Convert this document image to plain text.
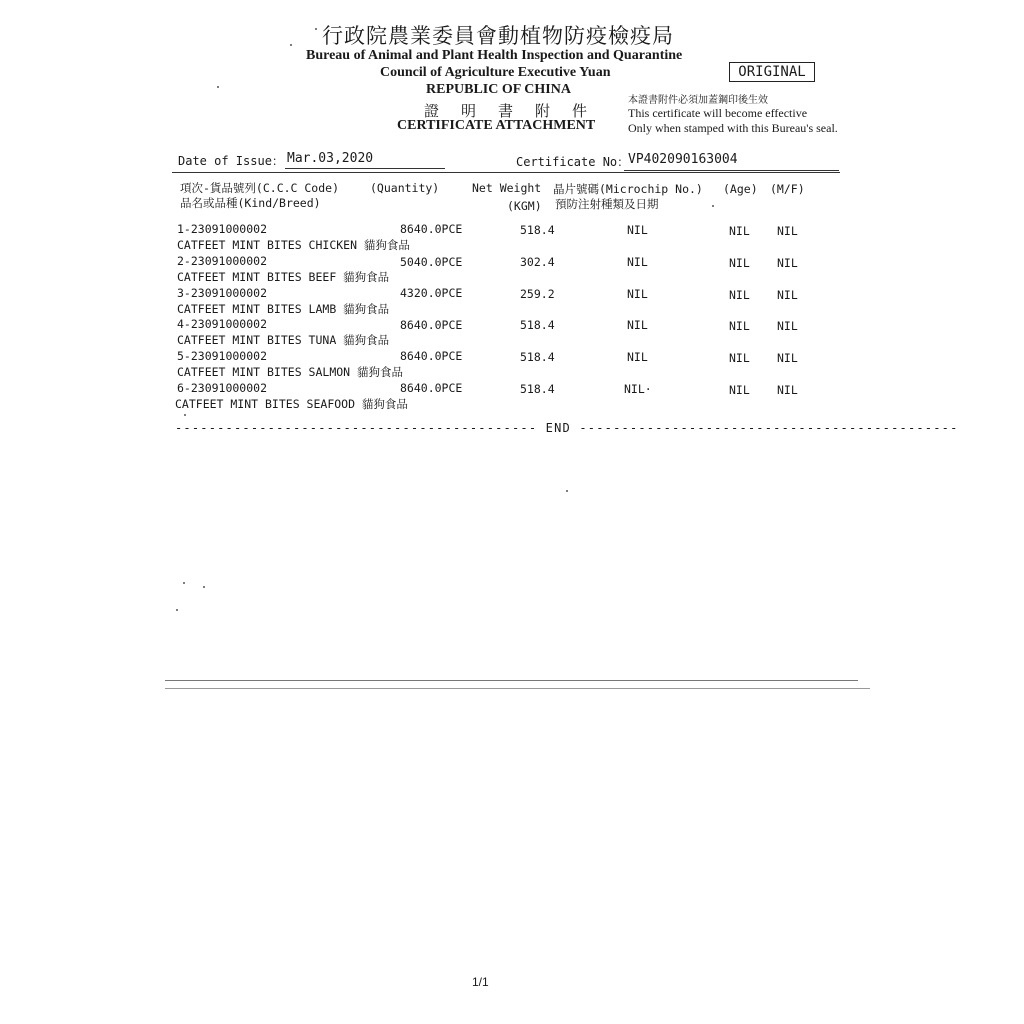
行政院農業委員會動植物防疫檢疫局
Bureau of Animal and Plant Health Inspection and Quarantine
Council of Agriculture Executive Yuan
REPUBLIC OF CHINA
證明書附件
CERTIFICATE ATTACHMENT
ORIGINAL
本證書附件必須加蓋鋼印後生效
This certificate will become effective
Only when stamped with this Bureau's seal.
Date of Issue： Mar.03,2020	Certificate No：
VP402090163004
項次-貨品號列(C.C.C Code)
品名或品種(Kind/Breed)
(Quantity)	Net Weight
(KGM)
晶片號碼(Microchip No.)
預防注射種類及日期
(Age) (M/F)
1-23091000002
CATFEET MINT BITES CHICKEN 貓狗食品
8640.0PCE	518.4	NIL	NIL NIL
2-23091000002
CATFEET MINT BITES BEEF 貓狗食品
5040.0PCE	302.4	NIL	NIL NIL
3-23091000002
CATFEET MINT BITES LAMB 貓狗食品
4320.0PCE	259.2	NIL	NIL NIL
4-23091000002
CATFEET MINT BITES TUNA 貓狗食品
8640.0PCE	518.4	NIL	NIL NIL
5-23091000002
CATFEET MINT BITES SALMON 貓狗食品
8640.0PCE	518.4	NIL	NIL NIL
6-23091000002
CATFEET MINT BITES SEAFOOD 貓狗食品
8640.0PCE	518.4	NIL·	NIL NIL
------------------------------------------- END ---------------------------------------------
1/1
